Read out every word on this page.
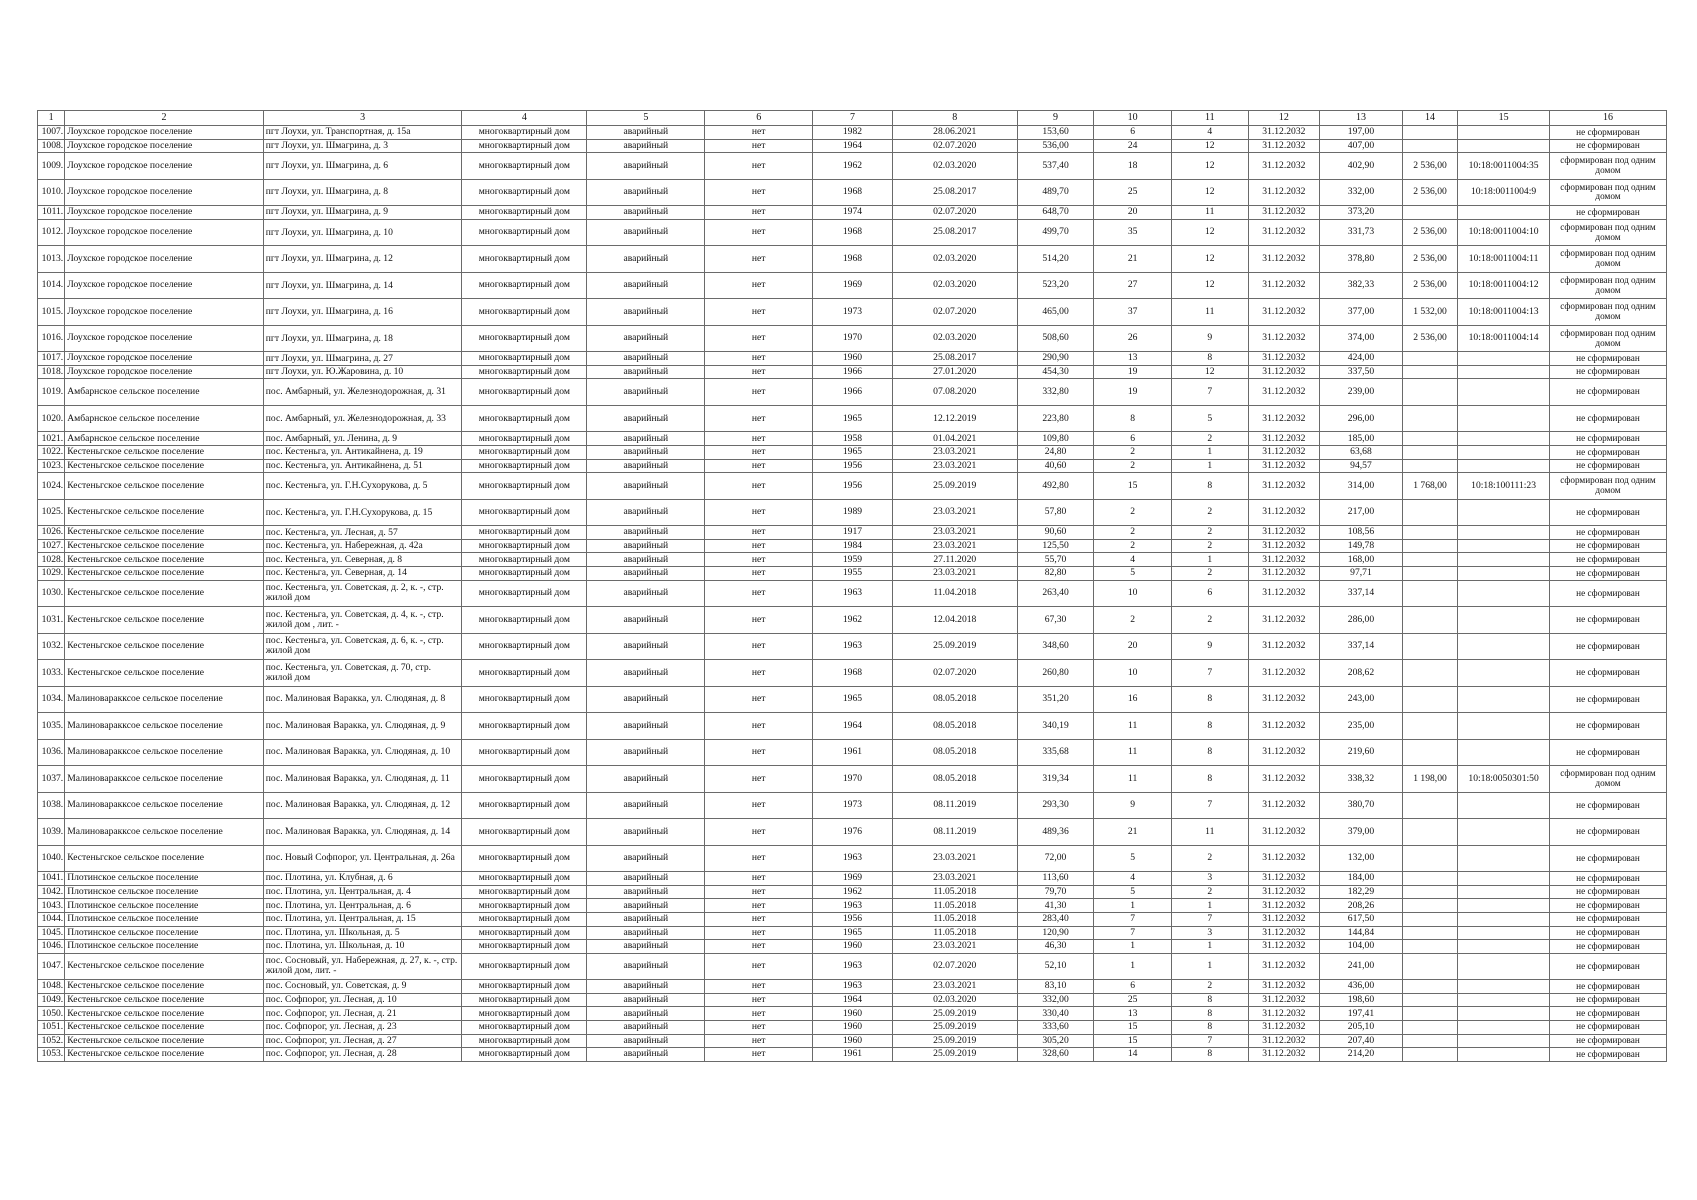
1	2	3	4	5	6	7	8	9	10	11	12	13	14	15	16
1007.	Лоухское городское поселение	пгт Лоухи, ул. Транспортная, д. 15а	многоквартирный дом	аварийный	нет	1982	28.06.2021	153,60	6	4	31.12.2032	197,00			не сформирован
1008.	Лоухское городское поселение	пгт Лоухи, ул. Шмагрина, д. 3	многоквартирный дом	аварийный	нет	1964	02.07.2020	536,00	24	12	31.12.2032	407,00			не сформирован
1009.	Лоухское городское поселение	пгт Лоухи, ул. Шмагрина, д. 6	многоквартирный дом	аварийный	нет	1962	02.03.2020	537,40	18	12	31.12.2032	402,90	2 536,00	10:18:0011004:35	сформирован под одним домом
1010.	Лоухское городское поселение	пгт Лоухи, ул. Шмагрина, д. 8	многоквартирный дом	аварийный	нет	1968	25.08.2017	489,70	25	12	31.12.2032	332,00	2 536,00	10:18:0011004:9	сформирован под одним домом
1011.	Лоухское городское поселение	пгт Лоухи, ул. Шмагрина, д. 9	многоквартирный дом	аварийный	нет	1974	02.07.2020	648,70	20	11	31.12.2032	373,20			не сформирован
1012.	Лоухское городское поселение	пгт Лоухи, ул. Шмагрина, д. 10	многоквартирный дом	аварийный	нет	1968	25.08.2017	499,70	35	12	31.12.2032	331,73	2 536,00	10:18:0011004:10	сформирован под одним домом
1013.	Лоухское городское поселение	пгт Лоухи, ул. Шмагрина, д. 12	многоквартирный дом	аварийный	нет	1968	02.03.2020	514,20	21	12	31.12.2032	378,80	2 536,00	10:18:0011004:11	сформирован под одним домом
1014.	Лоухское городское поселение	пгт Лоухи, ул. Шмагрина, д. 14	многоквартирный дом	аварийный	нет	1969	02.03.2020	523,20	27	12	31.12.2032	382,33	2 536,00	10:18:0011004:12	сформирован под одним домом
1015.	Лоухское городское поселение	пгт Лоухи, ул. Шмагрина, д. 16	многоквартирный дом	аварийный	нет	1973	02.07.2020	465,00	37	11	31.12.2032	377,00	1 532,00	10:18:0011004:13	сформирован под одним домом
1016.	Лоухское городское поселение	пгт Лоухи, ул. Шмагрина, д. 18	многоквартирный дом	аварийный	нет	1970	02.03.2020	508,60	26	9	31.12.2032	374,00	2 536,00	10:18:0011004:14	сформирован под одним домом
1017.	Лоухское городское поселение	пгт Лоухи, ул. Шмагрина, д. 27	многоквартирный дом	аварийный	нет	1960	25.08.2017	290,90	13	8	31.12.2032	424,00			не сформирован
1018.	Лоухское городское поселение	пгт Лоухи, ул. Ю.Жаровина, д. 10	многоквартирный дом	аварийный	нет	1966	27.01.2020	454,30	19	12	31.12.2032	337,50			не сформирован
1019.	Амбарнское сельское поселение	пос. Амбарный, ул. Железнодорожная, д. 31	многоквартирный дом	аварийный	нет	1966	07.08.2020	332,80	19	7	31.12.2032	239,00			не сформирован
1020.	Амбарнское сельское поселение	пос. Амбарный, ул. Железнодорожная, д. 33	многоквартирный дом	аварийный	нет	1965	12.12.2019	223,80	8	5	31.12.2032	296,00			не сформирован
1021.	Амбарнское сельское поселение	пос. Амбарный, ул. Ленина, д. 9	многоквартирный дом	аварийный	нет	1958	01.04.2021	109,80	6	2	31.12.2032	185,00			не сформирован
1022.	Кестеньгское сельское поселение	пос. Кестеньга, ул. Антикайнена, д. 19	многоквартирный дом	аварийный	нет	1965	23.03.2021	24,80	2	1	31.12.2032	63,68			не сформирован
1023.	Кестеньгское сельское поселение	пос. Кестеньга, ул. Антикайнена, д. 51	многоквартирный дом	аварийный	нет	1956	23.03.2021	40,60	2	1	31.12.2032	94,57			не сформирован
1024.	Кестеньгское сельское поселение	пос. Кестеньга, ул. Г.Н.Сухорукова, д. 5	многоквартирный дом	аварийный	нет	1956	25.09.2019	492,80	15	8	31.12.2032	314,00	1 768,00	10:18:100111:23	сформирован под одним домом
1025.	Кестеньгское сельское поселение	пос. Кестеньга, ул. Г.Н.Сухорукова, д. 15	многоквартирный дом	аварийный	нет	1989	23.03.2021	57,80	2	2	31.12.2032	217,00			не сформирован
1026.	Кестеньгское сельское поселение	пос. Кестеньга, ул. Лесная, д. 57	многоквартирный дом	аварийный	нет	1917	23.03.2021	90,60	2	2	31.12.2032	108,56			не сформирован
1027.	Кестеньгское сельское поселение	пос. Кестеньга, ул. Набережная, д. 42а	многоквартирный дом	аварийный	нет	1984	23.03.2021	125,50	2	2	31.12.2032	149,78			не сформирован
1028.	Кестеньгское сельское поселение	пос. Кестеньга, ул. Северная, д. 8	многоквартирный дом	аварийный	нет	1959	27.11.2020	55,70	4	1	31.12.2032	168,00			не сформирован
1029.	Кестеньгское сельское поселение	пос. Кестеньга, ул. Северная, д. 14	многоквартирный дом	аварийный	нет	1955	23.03.2021	82,80	5	2	31.12.2032	97,71			не сформирован
1030.	Кестеньгское сельское поселение	пос. Кестеньга, ул. Советская, д. 2, к. -, стр. жилой дом	многоквартирный дом	аварийный	нет	1963	11.04.2018	263,40	10	6	31.12.2032	337,14			не сформирован
1031.	Кестеньгское сельское поселение	пос. Кестеньга, ул. Советская, д. 4, к. -, стр. жилой дом , лит. -	многоквартирный дом	аварийный	нет	1962	12.04.2018	67,30	2	2	31.12.2032	286,00			не сформирован
1032.	Кестеньгское сельское поселение	пос. Кестеньга, ул. Советская, д. 6, к. -, стр. жилой дом	многоквартирный дом	аварийный	нет	1963	25.09.2019	348,60	20	9	31.12.2032	337,14			не сформирован
1033.	Кестеньгское сельское поселение	пос. Кестеньга, ул. Советская, д. 70, стр. жилой дом	многоквартирный дом	аварийный	нет	1968	02.07.2020	260,80	10	7	31.12.2032	208,62			не сформирован
1034.	Малиноваракксое сельское поселение	пос. Малиновая Варакка, ул. Слюдяная, д. 8	многоквартирный дом	аварийный	нет	1965	08.05.2018	351,20	16	8	31.12.2032	243,00			не сформирован
1035.	Малиноваракксое сельское поселение	пос. Малиновая Варакка, ул. Слюдяная, д. 9	многоквартирный дом	аварийный	нет	1964	08.05.2018	340,19	11	8	31.12.2032	235,00			не сформирован
1036.	Малиноваракксое сельское поселение	пос. Малиновая Варакка, ул. Слюдяная, д. 10	многоквартирный дом	аварийный	нет	1961	08.05.2018	335,68	11	8	31.12.2032	219,60			не сформирован
1037.	Малиноваракксое сельское поселение	пос. Малиновая Варакка, ул. Слюдяная, д. 11	многоквартирный дом	аварийный	нет	1970	08.05.2018	319,34	11	8	31.12.2032	338,32	1 198,00	10:18:0050301:50	сформирован под одним домом
1038.	Малиноваракксое сельское поселение	пос. Малиновая Варакка, ул. Слюдяная, д. 12	многоквартирный дом	аварийный	нет	1973	08.11.2019	293,30	9	7	31.12.2032	380,70			не сформирован
1039.	Малиноваракксое сельское поселение	пос. Малиновая Варакка, ул. Слюдяная, д. 14	многоквартирный дом	аварийный	нет	1976	08.11.2019	489,36	21	11	31.12.2032	379,00			не сформирован
1040.	Кестеньгское сельское поселение	пос. Новый Софпорог, ул. Центральная, д. 26а	многоквартирный дом	аварийный	нет	1963	23.03.2021	72,00	5	2	31.12.2032	132,00			не сформирован
1041.	Плотинское сельское поселение	пос. Плотина, ул. Клубная, д. 6	многоквартирный дом	аварийный	нет	1969	23.03.2021	113,60	4	3	31.12.2032	184,00			не сформирован
1042.	Плотинское сельское поселение	пос. Плотина, ул. Центральная, д. 4	многоквартирный дом	аварийный	нет	1962	11.05.2018	79,70	5	2	31.12.2032	182,29			не сформирован
1043.	Плотинское сельское поселение	пос. Плотина, ул. Центральная, д. 6	многоквартирный дом	аварийный	нет	1963	11.05.2018	41,30	1	1	31.12.2032	208,26			не сформирован
1044.	Плотинское сельское поселение	пос. Плотина, ул. Центральная, д. 15	многоквартирный дом	аварийный	нет	1956	11.05.2018	283,40	7	7	31.12.2032	617,50			не сформирован
1045.	Плотинское сельское поселение	пос. Плотина, ул. Школьная, д. 5	многоквартирный дом	аварийный	нет	1965	11.05.2018	120,90	7	3	31.12.2032	144,84			не сформирован
1046.	Плотинское сельское поселение	пос. Плотина, ул. Школьная, д. 10	многоквартирный дом	аварийный	нет	1960	23.03.2021	46,30	1	1	31.12.2032	104,00			не сформирован
1047.	Кестеньгское сельское поселение	пос. Сосновый, ул. Набережная, д. 27, к. -, стр. жилой дом, лит. -	многоквартирный дом	аварийный	нет	1963	02.07.2020	52,10	1	1	31.12.2032	241,00			не сформирован
1048.	Кестеньгское сельское поселение	пос. Сосновый, ул. Советская, д. 9	многоквартирный дом	аварийный	нет	1963	23.03.2021	83,10	6	2	31.12.2032	436,00			не сформирован
1049.	Кестеньгское сельское поселение	пос. Софпорог, ул. Лесная, д. 10	многоквартирный дом	аварийный	нет	1964	02.03.2020	332,00	25	8	31.12.2032	198,60			не сформирован
1050.	Кестеньгское сельское поселение	пос. Софпорог, ул. Лесная, д. 21	многоквартирный дом	аварийный	нет	1960	25.09.2019	330,40	13	8	31.12.2032	197,41			не сформирован
1051.	Кестеньгское сельское поселение	пос. Софпорог, ул. Лесная, д. 23	многоквартирный дом	аварийный	нет	1960	25.09.2019	333,60	15	8	31.12.2032	205,10			не сформирован
1052.	Кестеньгское сельское поселение	пос. Софпорог, ул. Лесная, д. 27	многоквартирный дом	аварийный	нет	1960	25.09.2019	305,20	15	7	31.12.2032	207,40			не сформирован
1053.	Кестеньгское сельское поселение	пос. Софпорог, ул. Лесная, д. 28	многоквартирный дом	аварийный	нет	1961	25.09.2019	328,60	14	8	31.12.2032	214,20			не сформирован
